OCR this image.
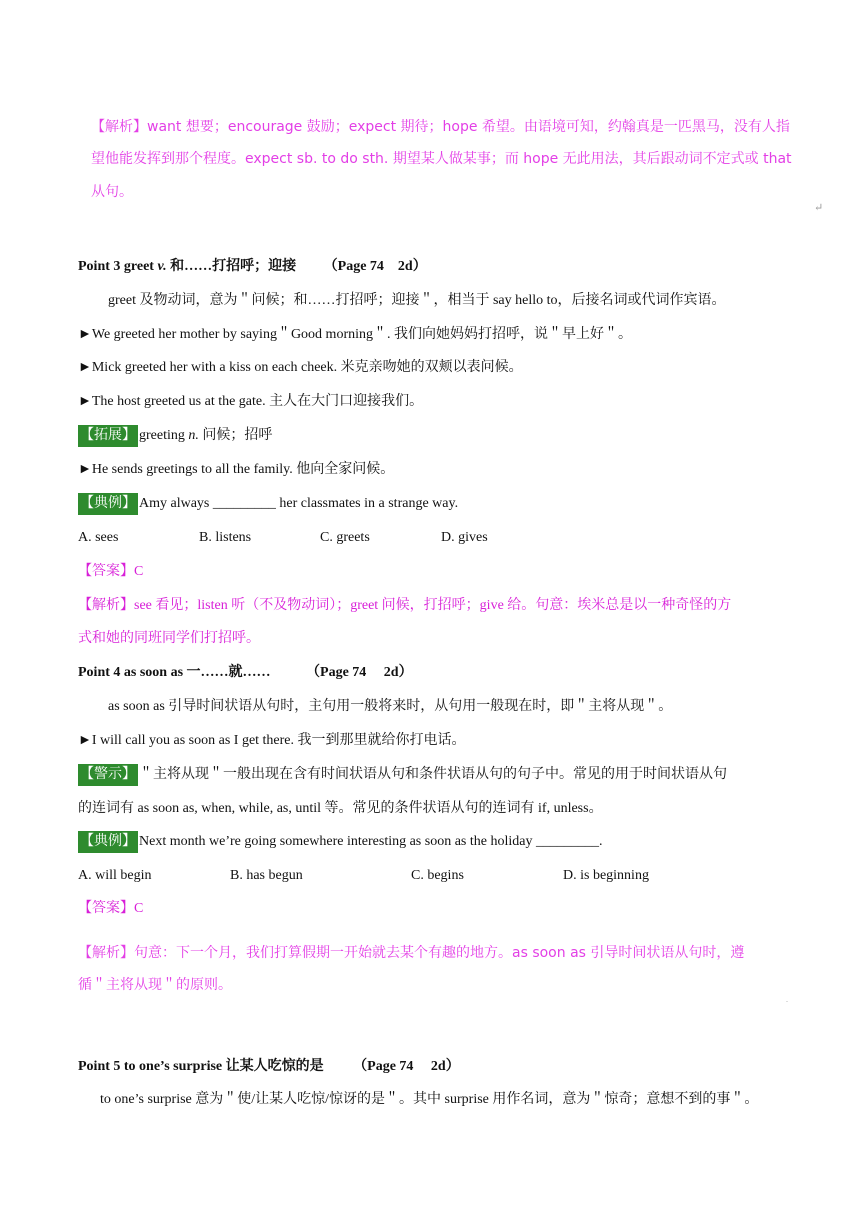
【解析】want 想要；encourage 鼓励；expect 期待；hope 希望。由语境可知，约翰真是一匹黑马，没有人指
望他能发挥到那个程度。expect sb. to do sth. 期望某人做某事；而 hope 无此用法，其后跟动词不定式或 that
从句。
↵
Point 3 greet v. 和……打招呼；迎接 （Page 74　2d）
greet 及物动词，意为＂问候；和……打招呼；迎接＂，相当于 say hello to，后接名词或代词作宾语。
►We greeted her mother by saying＂Good morning＂. 我们向她妈妈打招呼，说＂早上好＂。
►Mick greeted her with a kiss on each cheek. 米克亲吻她的双颊以表问候。
►The host greeted us at the gate. 主人在大门口迎接我们。
【拓展】 greeting n. 问候；招呼
►He sends greetings to all the family. 他向全家问候。
【典例】 Amy always _________ her classmates in a strange way.
A. sees	B. listens	C. greets	D. gives
【答案】C
【解析】see 看见；listen 听（不及物动词）；greet 问候，打招呼；give 给。句意：埃米总是以一种奇怪的方
式和她的同班同学们打招呼。
Point 4 as soon as 一……就……	（Page 74　 2d）
as soon as 引导时间状语从句时，主句用一般将来时，从句用一般现在时，即＂主将从现＂。
►I will call you as soon as I get there. 我一到那里就给你打电话。
【警示】 ＂主将从现＂一般出现在含有时间状语从句和条件状语从句的句子中。常见的用于时间状语从句
的连词有 as soon as, when, while, as, until 等。常见的条件状语从句的连词有 if, unless。
【典例】 Next month we’re going somewhere interesting as soon as the holiday _________.
A. will begin	B. has begun	C. begins	D. is beginning
【答案】C
【解析】句意：下一个月，我们打算假期一开始就去某个有趣的地方。as soon as 引导时间状语从句时，遵
循＂主将从现＂的原则。
.
Point 5 to one’s surprise 让某人吃惊的是 （Page 74　 2d）
to one’s surprise 意为＂使/让某人吃惊/惊讶的是＂。其中 surprise 用作名词，意为＂惊奇；意想不到的事＂。
